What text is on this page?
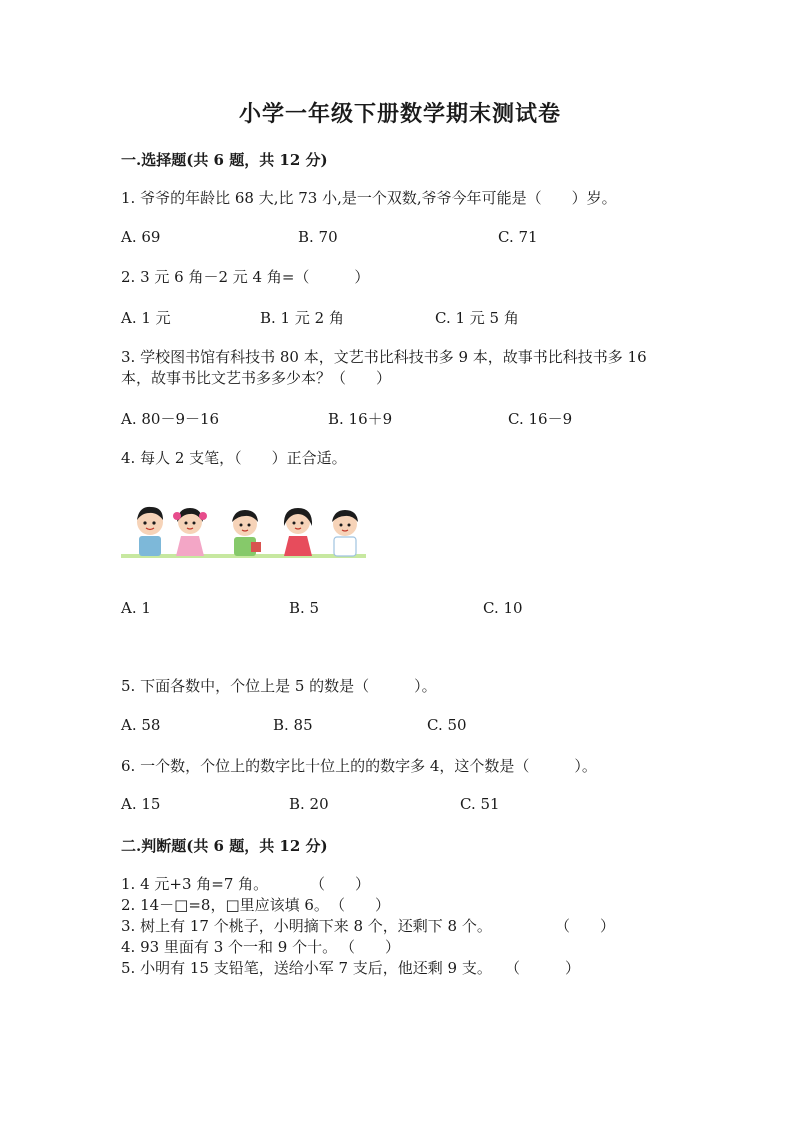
小学一年级下册数学期末测试卷
一.选择题(共 6 题，共 12 分)
1. 爷爷的年龄比 68 大,比 73 小,是一个双数,爷爷今年可能是（　　）岁。
A. 69	B. 70	C. 71
2. 3 元 6 角－2 元 4 角=（　　　）
A. 1 元	B. 1 元 2 角	C. 1 元 5 角
3. 学校图书馆有科技书 80 本，文艺书比科技书多 9 本，故事书比科技书多 16
本，故事书比文艺书多多少本？（　　）
A. 80－9－16	B. 16＋9	C. 16－9
4. 每人 2 支笔，（　　）正合适。
A. 1	B. 5	C. 10
5. 下面各数中，个位上是 5 的数是（　　　）。
A. 58	B. 85	C. 50
6. 一个数，个位上的数字比十位上的的数字多 4，这个数是（　　　）。
A. 15	B. 20	C. 51
二.判断题(共 6 题，共 12 分)
1. 4 元+3 角=7 角。	（　　）
2. 14－□=8，□里应该填 6。 （　　）
3. 树上有 17 个桃子，小明摘下来 8 个，还剩下 8 个。	（　　）
4. 93 里面有 3 个一和 9 个十。 （　　）
5. 小明有 15 支铅笔，送给小军 7 支后，他还剩 9 支。 （　　　）
